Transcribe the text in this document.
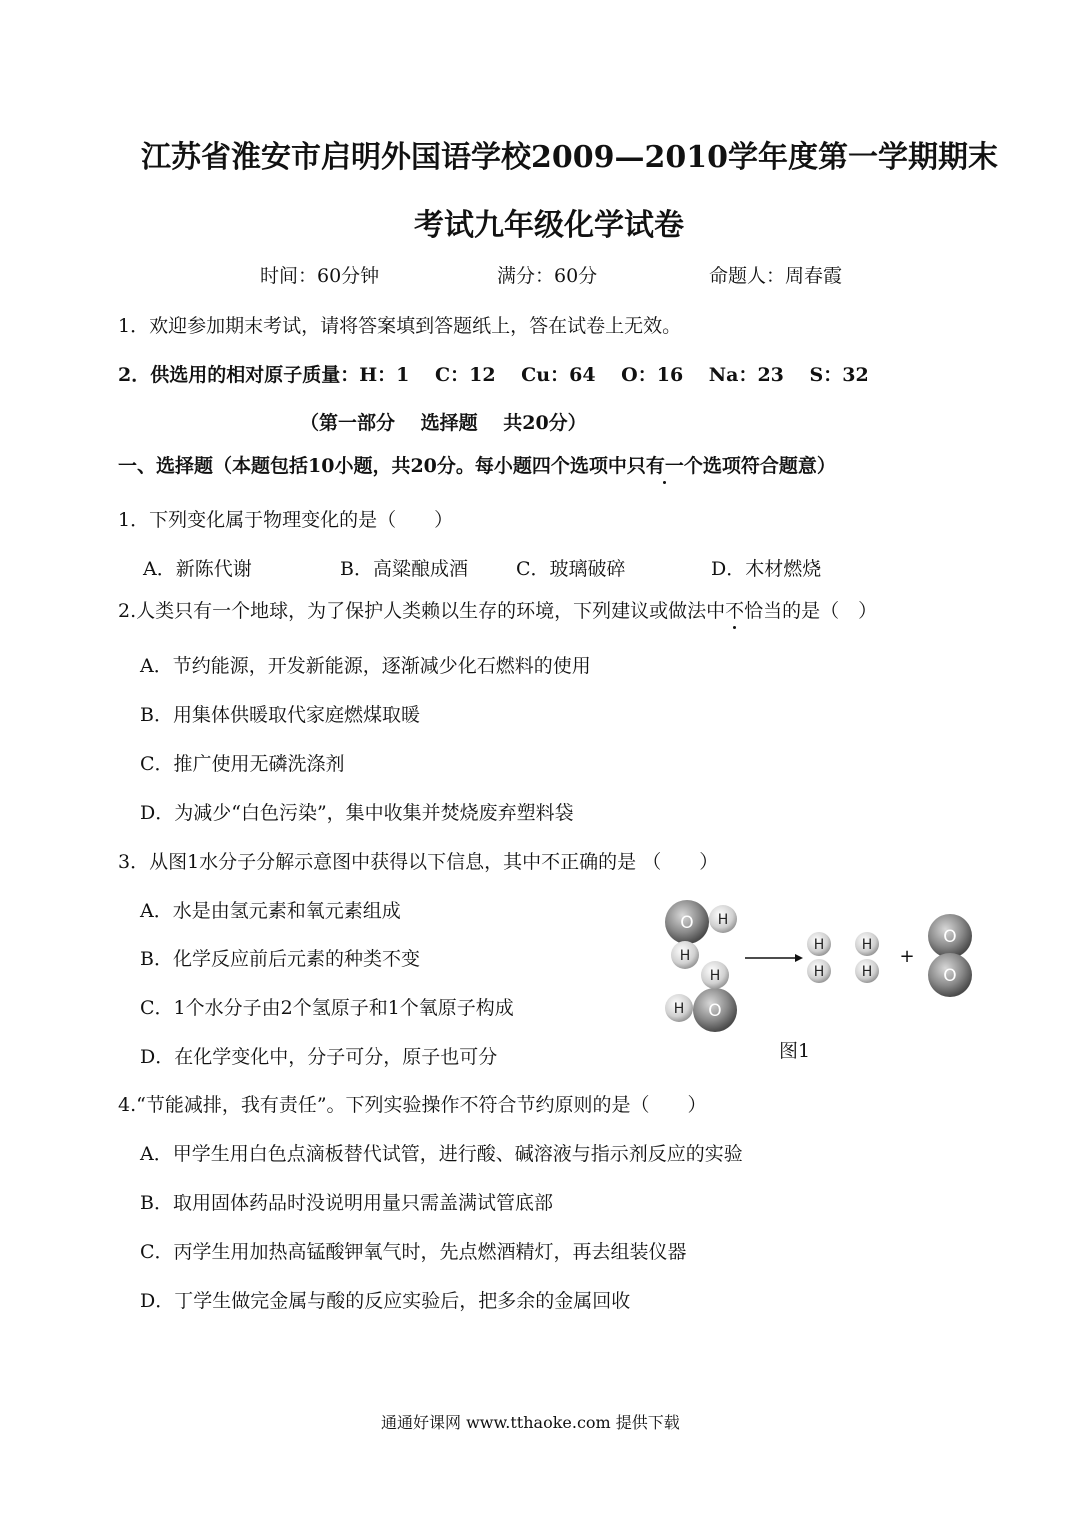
江苏省淮安市启明外国语学校2009—2010学年度第一学期期末
考试九年级化学试卷
时间：60分钟	满分：60分	命题人：周春霞
1．欢迎参加期末考试，请将答案填到答题纸上，答在试卷上无效。
2．供选用的相对原子质量：H：1 　C：12 　Cu：64 　O：16 　Na：23 　S：32
（第一部分 　选择题 　共20分）
一、选择题（本题包括10小题，共20分。每小题四个选项中只有一个选项符合题意）
1．下列变化属于物理变化的是（　　）
A．新陈代谢	B．高粱酿成酒	C．玻璃破碎	D．木材燃烧
2.人类只有一个地球，为了保护人类赖以生存的环境，下列建议或做法中不恰当的是（　）
A．节约能源，开发新能源，逐渐减少化石燃料的使用
B．用集体供暖取代家庭燃煤取暖
C．推广使用无磷洗涤剂
D．为减少“白色污染”，集中收集并焚烧废弃塑料袋
3．从图1水分子分解示意图中获得以下信息，其中不正确的是 （　　）
A．水是由氢元素和氧元素组成
B．化学反应前后元素的种类不变
C．1个水分子由2个氢原子和1个氧原子构成
D．在化学变化中，分子可分，原子也可分
O H
H
O
H
H
H
H
H
H
+
O
O
图1
4.“节能减排，我有责任”。下列实验操作不符合节约原则的是（　　）
A．甲学生用白色点滴板替代试管，进行酸、碱溶液与指示剂反应的实验
B．取用固体药品时没说明用量只需盖满试管底部
C．丙学生用加热高锰酸钾氧气时，先点燃酒精灯，再去组装仪器
D．丁学生做完金属与酸的反应实验后，把多余的金属回收
通通好课网 www.tthaoke.com 提供下载
